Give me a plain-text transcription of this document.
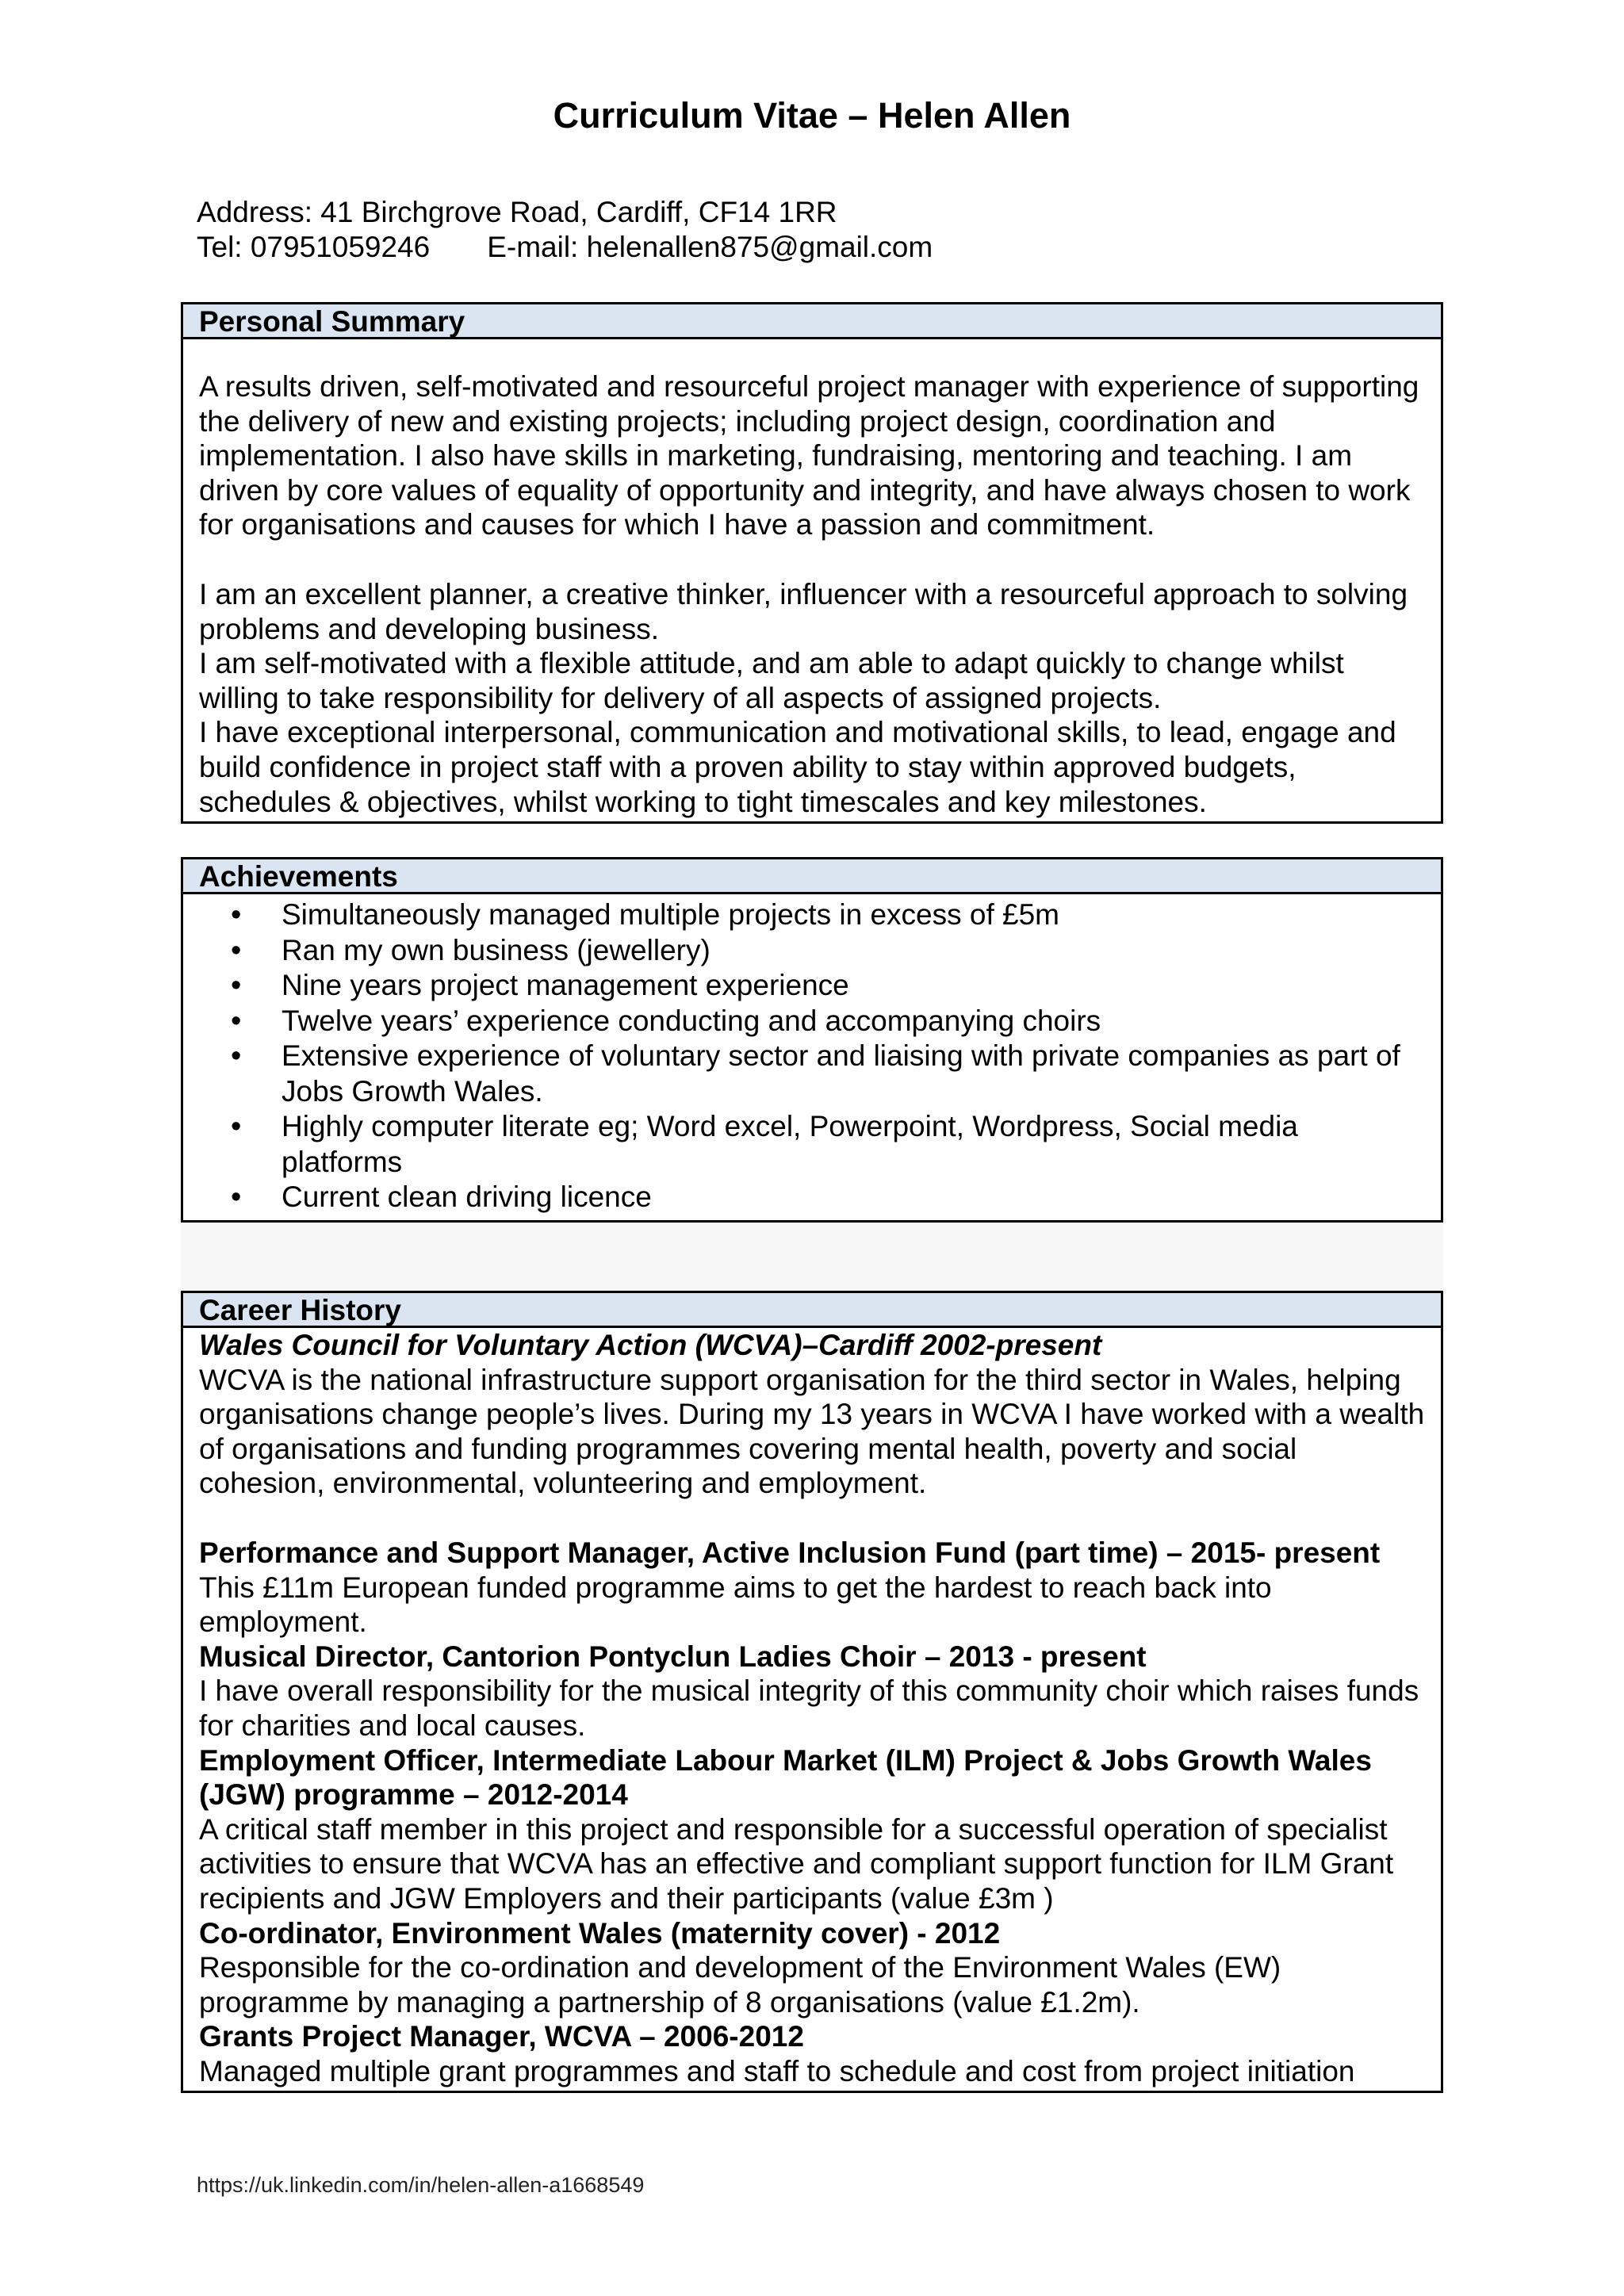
Curriculum Vitae – Helen Allen
Address: 41 Birchgrove Road, Cardiff, CF14 1RR
Tel: 07951059246 E-mail: helenallen875@gmail.com
Personal Summary

A results driven, self-motivated and resourceful project manager with experience of supporting the delivery of new and existing projects; including project design, coordination and implementation. I also have skills in marketing, fundraising, mentoring and teaching. I am driven by core values of equality of opportunity and integrity, and have always chosen to work for organisations and causes for which I have a passion and commitment.

I am an excellent planner, a creative thinker, influencer with a resourceful approach to solving problems and developing business.

I am self-motivated with a flexible attitude, and am able to adapt quickly to change whilst willing to take responsibility for delivery of all aspects of assigned projects.

I have exceptional interpersonal, communication and motivational skills, to lead, engage and build confidence in project staff with a proven ability to stay within approved budgets, schedules & objectives, whilst working to tight timescales and key milestones.

Achievements
• Simultaneously managed multiple projects in excess of £5m
• Ran my own business (jewellery)
• Nine years project management experience
• Twelve years’ experience conducting and accompanying choirs
• Extensive experience of voluntary sector and liaising with private companies as part of Jobs Growth Wales.
• Highly computer literate eg; Word excel, Powerpoint, Wordpress, Social media platforms
• Current clean driving licence
Career History

Wales Council for Voluntary Action (WCVA)–Cardiff 2002-present

WCVA is the national infrastructure support organisation for the third sector in Wales, helping organisations change people’s lives. During my 13 years in WCVA I have worked with a wealth of organisations and funding programmes covering mental health, poverty and social cohesion, environmental, volunteering and employment.

Performance and Support Manager, Active Inclusion Fund (part time) – 2015- present

This £11m European funded programme aims to get the hardest to reach back into employment.

Musical Director, Cantorion Pontyclun Ladies Choir – 2013 - present

I have overall responsibility for the musical integrity of this community choir which raises funds for charities and local causes.

Employment Officer, Intermediate Labour Market (ILM) Project & Jobs Growth Wales (JGW) programme – 2012-2014

A critical staff member in this project and responsible for a successful operation of specialist activities to ensure that WCVA has an effective and compliant support function for ILM Grant recipients and JGW Employers and their participants (value £3m )

Co-ordinator, Environment Wales (maternity cover) - 2012

Responsible for the co-ordination and development of the Environment Wales (EW) programme by managing a partnership of 8 organisations (value £1.2m).

Grants Project Manager, WCVA – 2006-2012

Managed multiple grant programmes and staff to schedule and cost from project initiation

https://uk.linkedin.com/in/helen-allen-a1668549
